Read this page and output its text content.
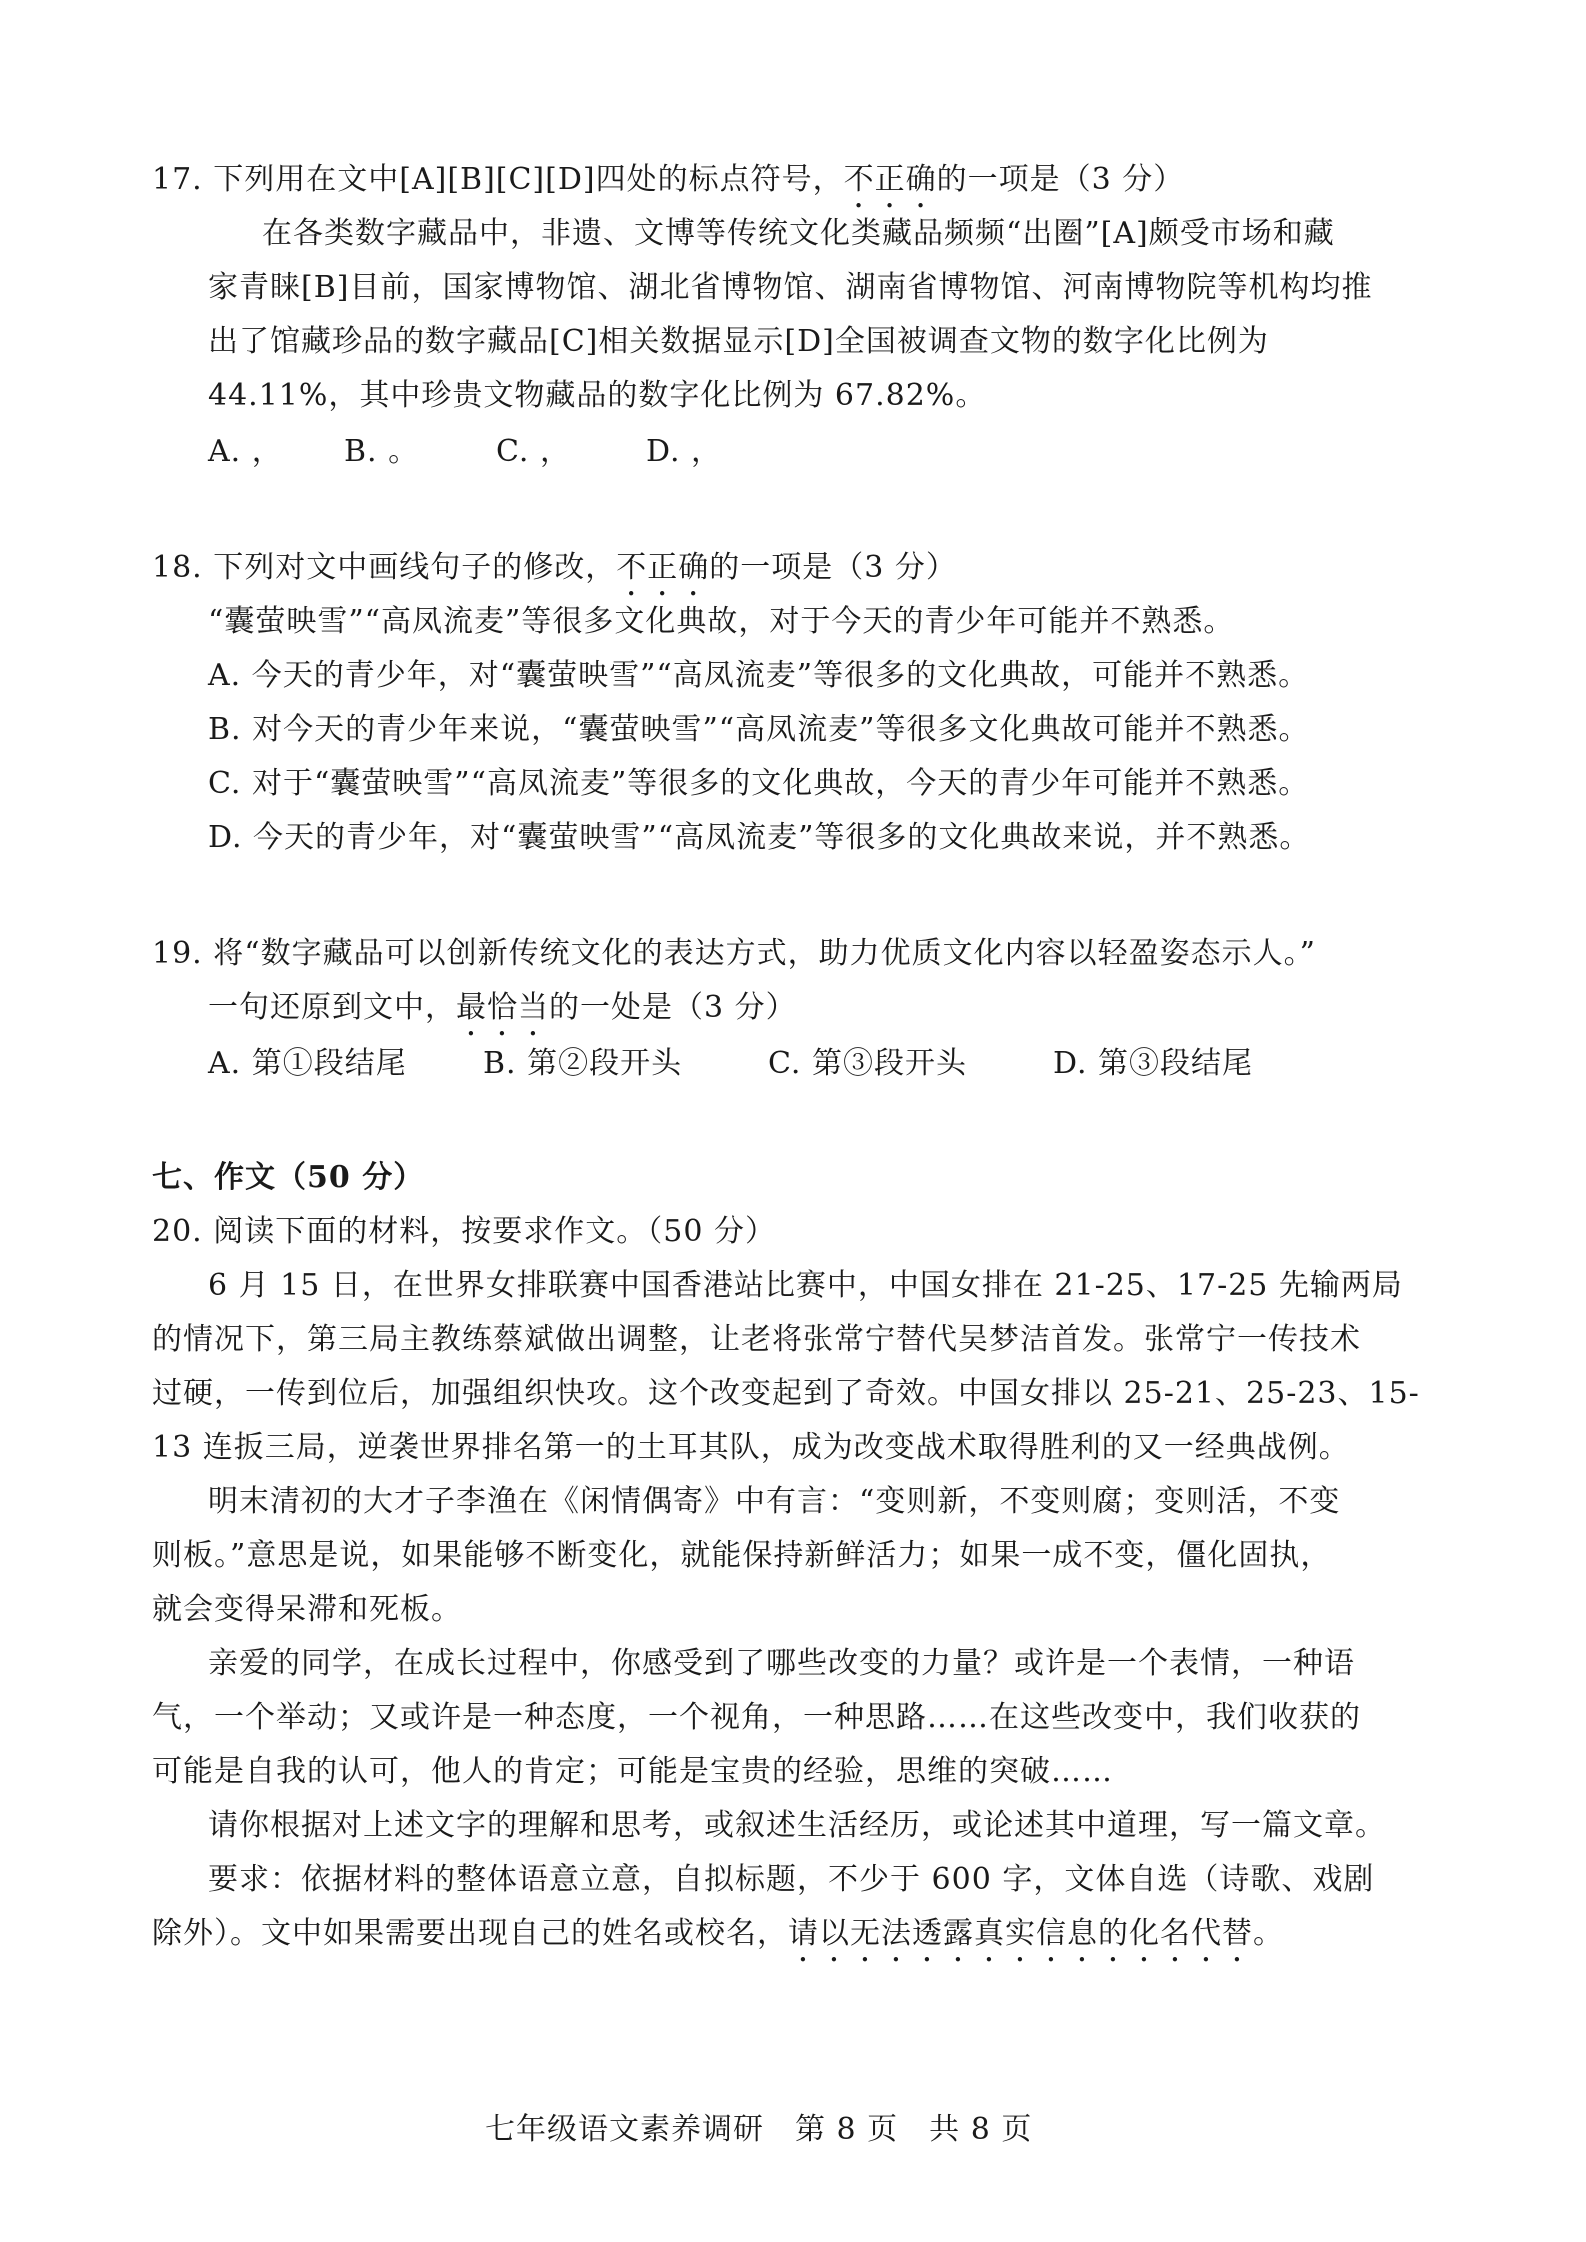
17. 下列用在文中[A][B][C][D]四处的标点符号，不正确的一项是（3 分）
在各类数字藏品中，非遗、文博等传统文化类藏品频频“出圈”[A]颇受市场和藏
家青睐[B]目前，国家博物馆、湖北省博物馆、湖南省博物馆、河南博物院等机构均推
出了馆藏珍品的数字藏品[C]相关数据显示[D]全国被调查文物的数字化比例为
44.11%，其中珍贵文物藏品的数字化比例为 67.82%。
A. ， B. 。	C. ，	D. ，
18. 下列对文中画线句子的修改，不正确的一项是（3 分）
“囊萤映雪”“高凤流麦”等很多文化典故，对于今天的青少年可能并不熟悉。
A. 今天的青少年，对“囊萤映雪”“高凤流麦”等很多的文化典故，可能并不熟悉。
B. 对今天的青少年来说，“囊萤映雪”“高凤流麦”等很多文化典故可能并不熟悉。
C. 对于“囊萤映雪”“高凤流麦”等很多的文化典故，今天的青少年可能并不熟悉。
D. 今天的青少年，对“囊萤映雪”“高凤流麦”等很多的文化典故来说，并不熟悉。
19. 将“数字藏品可以创新传统文化的表达方式，助力优质文化内容以轻盈姿态示人。”
一句还原到文中，最恰当的一处是（3 分）
A. 第①段结尾	B. 第②段开头	C. 第③段开头	D. 第③段结尾
七、作文（50 分）
20. 阅读下面的材料，按要求作文。（50 分）
6 月 15 日，在世界女排联赛中国香港站比赛中，中国女排在 21-25、17-25 先输两局
的情况下，第三局主教练蔡斌做出调整，让老将张常宁替代吴梦洁首发。张常宁一传技术
过硬，一传到位后，加强组织快攻。这个改变起到了奇效。中国女排以 25-21、25-23、15-
13 连扳三局，逆袭世界排名第一的土耳其队，成为改变战术取得胜利的又一经典战例。
明末清初的大才子李渔在《闲情偶寄》中有言：“变则新，不变则腐；变则活，不变
则板。”意思是说，如果能够不断变化，就能保持新鲜活力；如果一成不变，僵化固执，
就会变得呆滞和死板。
亲爱的同学，在成长过程中，你感受到了哪些改变的力量？或许是一个表情，一种语
气，一个举动；又或许是一种态度，一个视角，一种思路……在这些改变中，我们收获的
可能是自我的认可，他人的肯定；可能是宝贵的经验，思维的突破……
请你根据对上述文字的理解和思考，或叙述生活经历，或论述其中道理，写一篇文章。
要求：依据材料的整体语意立意，自拟标题，不少于 600 字，文体自选（诗歌、戏剧
除外）。文中如果需要出现自己的姓名或校名，请以无法透露真实信息的化名代替。
七年级语文素养调研　第 8 页　共 8 页
